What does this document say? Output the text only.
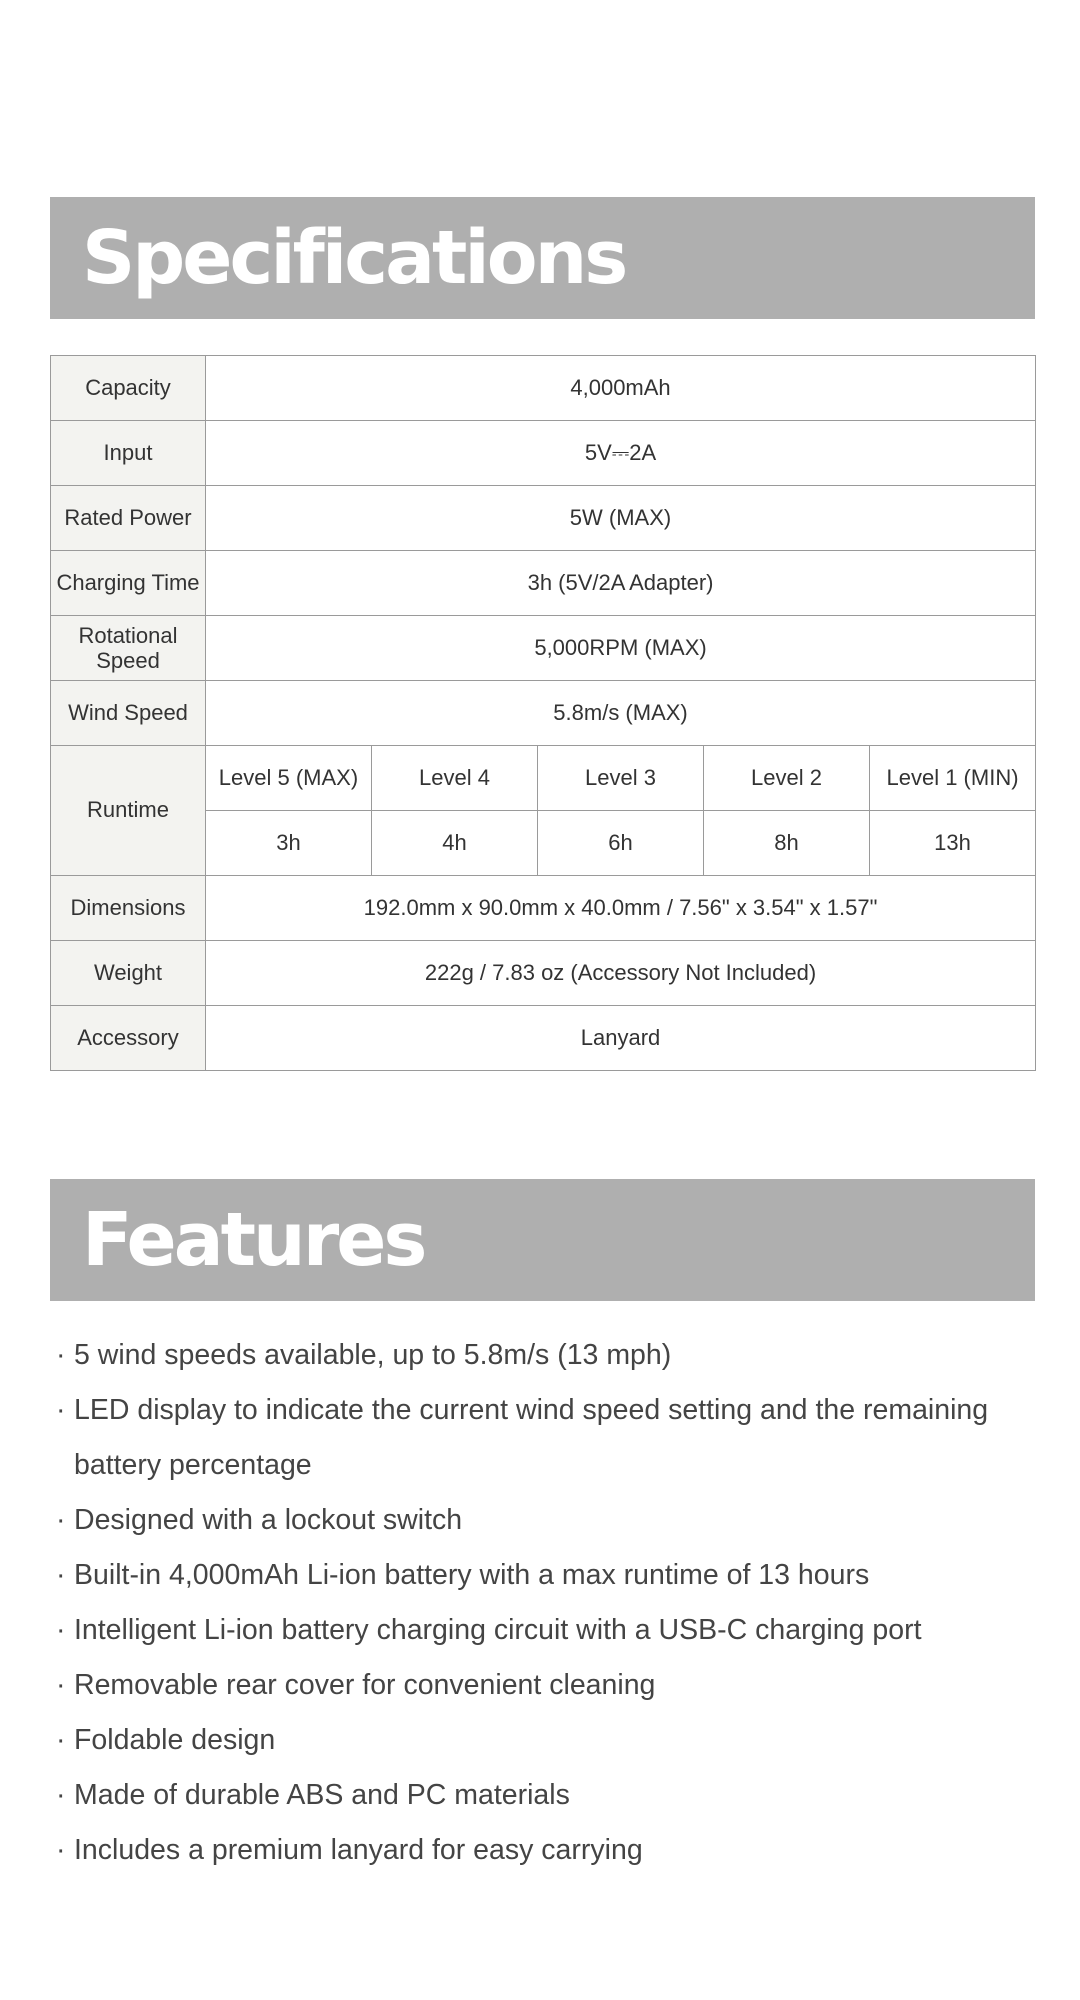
Specifications
Capacity	4,000mAh				
Input	5V⎓2A				
Rated Power	5W (MAX)				
Charging Time	3h (5V/2A Adapter)				

Rotational
Speed	5,000RPM (MAX)				
Wind Speed	5.8m/s (MAX)				
Runtime	Level 5 (MAX)	Level 4	Level 3	Level 2	Level 1 (MIN)
	3h	4h	6h	8h	13h
Dimensions	192.0mm x 90.0mm x 40.0mm / 7.56" x 3.54" x 1.57"				
Weight	222g / 7.83 oz (Accessory Not Included)				
Accessory	Lanyard				
Features
· 5 wind speeds available, up to 5.8m/s (13 mph)
· LED display to indicate the current wind speed setting and the remaining battery percentage
· Designed with a lockout switch
· Built-in 4,000mAh Li-ion battery with a max runtime of 13 hours
· Intelligent Li-ion battery charging circuit with a USB-C charging port
· Removable rear cover for convenient cleaning
· Foldable design
· Made of durable ABS and PC materials
· Includes a premium lanyard for easy carrying
